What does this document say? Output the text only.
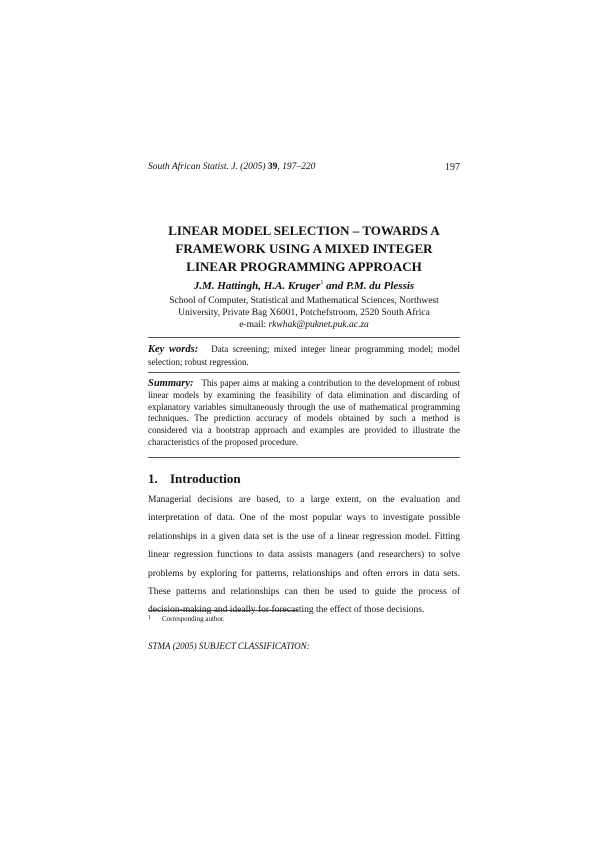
South African Statist. J. (2005) 39, 197–220	197
LINEAR MODEL SELECTION – TOWARDS A
FRAMEWORK USING A MIXED INTEGER
LINEAR PROGRAMMING APPROACH
J.M. Hattingh, H.A. Kruger$^1$ and P.M. du Plessis
School of Computer, Statistical and Mathematical Sciences, Northwest
University, Private Bag X6001, Potchefstroom, 2520 South Africa
e-mail: rkwhak@puknet.puk.ac.za
Key words: Data screening; mixed integer linear programming model; model selection; robust regression.
Summary: This paper aims at making a contribution to the development of robust linear models by examining the feasibility of data elimination and discarding of explanatory variables simultaneously through the use of mathematical programming techniques. The prediction accuracy of models obtained by such a method is considered via a bootstrap approach and examples are provided to illustrate the characteristics of the proposed procedure.
1. Introduction
Managerial decisions are based, to a large extent, on the evaluation and interpretation of data. One of the most popular ways to investigate possible relationships in a given data set is the use of a linear regression model. Fitting linear regression functions to data assists managers (and researchers) to solve problems by exploring for patterns, relationships and often errors in data sets. These patterns and relationships can then be used to guide the process of decision-making and ideally for forecasting the effect of those decisions.
1 Corresponding author.
STMA (2005) SUBJECT CLASSIFICATION:
